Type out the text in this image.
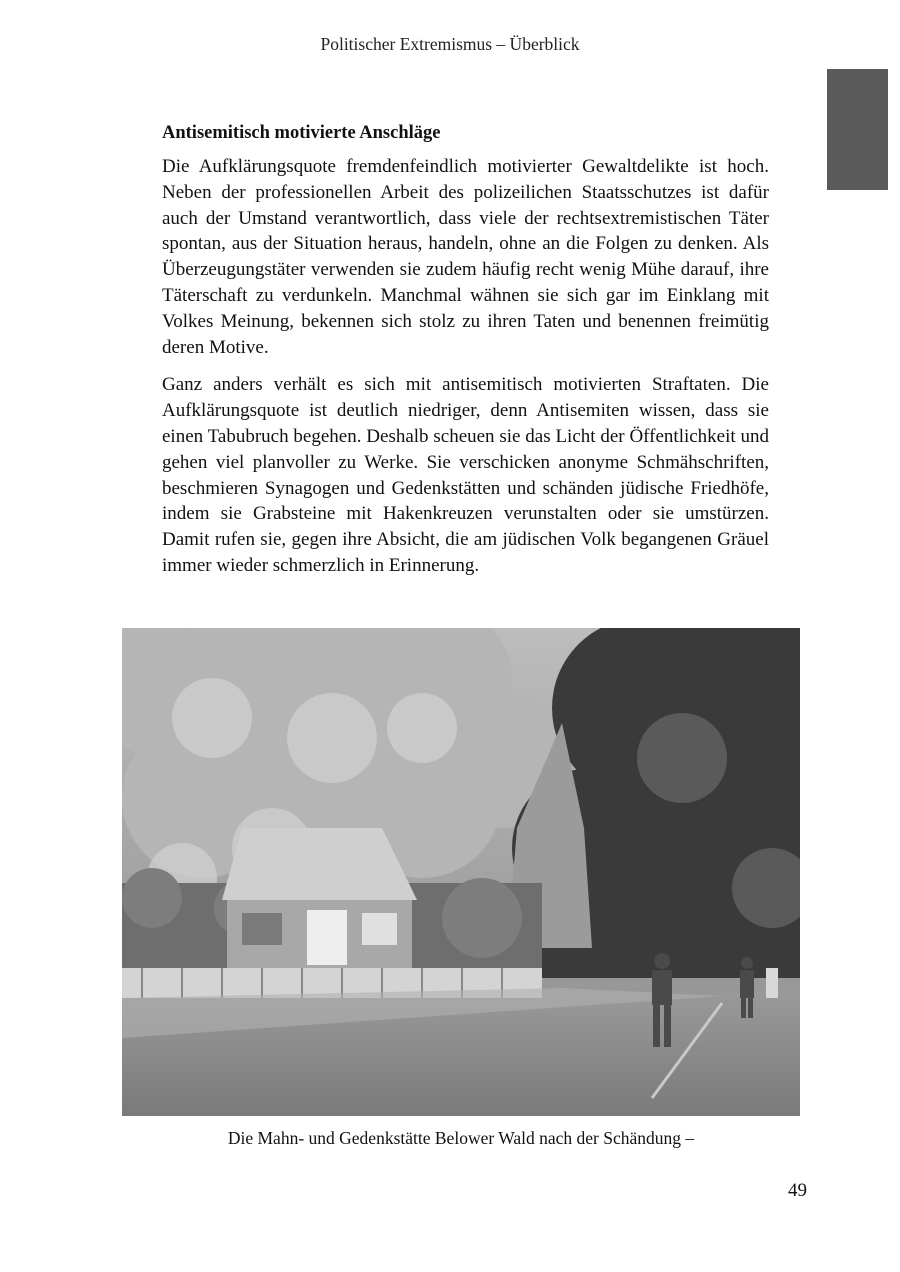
Politischer Extremismus – Überblick
Antisemitisch motivierte Anschläge

Die Aufklärungsquote fremdenfeindlich motivierter Gewaltdelikte ist hoch. Neben der professionellen Arbeit des polizeilichen Staatsschutzes ist dafür auch der Umstand verantwortlich, dass viele der rechtsextremistischen Täter spontan, aus der Situation heraus, handeln, ohne an die Folgen zu denken. Als Überzeugungstäter verwenden sie zudem häufig recht wenig Mühe darauf, ihre Täterschaft zu verdunkeln. Manchmal wähnen sie sich gar im Einklang mit Volkes Meinung, bekennen sich stolz zu ihren Taten und benennen freimütig deren Motive.

Ganz anders verhält es sich mit antisemitisch motivierten Straftaten. Die Aufklärungsquote ist deutlich niedriger, denn Antisemiten wissen, dass sie einen Tabubruch begehen. Deshalb scheuen sie das Licht der Öffentlichkeit und gehen viel planvoller zu Werke. Sie verschicken anonyme Schmähschriften, beschmieren Synagogen und Gedenkstätten und schänden jüdische Friedhöfe, indem sie Grabsteine mit Hakenkreuzen verunstalten oder sie umstürzen. Damit rufen sie, gegen ihre Absicht, die am jüdischen Volk begangenen Gräuel immer wieder schmerzlich in Erinnerung.

Die Mahn- und Gedenkstätte Belower Wald nach der Schändung –
49
